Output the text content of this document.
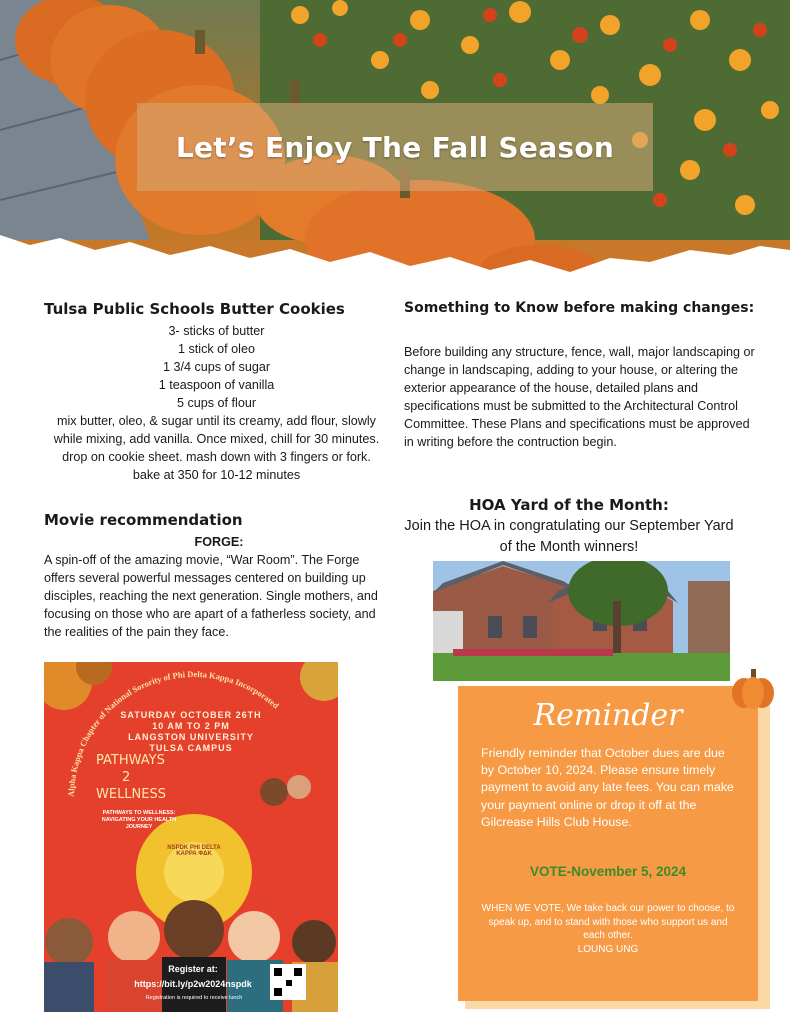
Let’s Enjoy The Fall Season
Tulsa Public Schools Butter Cookies
3- sticks of butter
1 stick of oleo
1 3/4 cups of sugar
1 teaspoon of vanilla
5 cups of flour
mix butter, oleo, & sugar until its creamy, add flour, slowly while mixing, add vanilla. Once mixed, chill for 30 minutes. drop on cookie sheet. mash down with 3 fingers or fork.
bake at 350 for 10-12 minutes
Movie recommendation
FORGE:
A spin-off of the amazing movie, “War Room”. The Forge offers several powerful messages centered on building up disciples, reaching the next generation. Single mothers, and focusing on those who are apart of a fatherless society, and the realities of the pain they face.
Something to Know before making changes:
Before building any structure, fence, wall, major landscaping or change in landscaping, adding to your house, or altering the exterior appearance of the house, detailed plans and specifications must be submitted to the Architectural Control Committee. These Plans and specifications must be approved in writing before the contruction begin.
HOA Yard of the Month:
Join the HOA in congratulating our September Yard of the Month winners!
Alpha Kappa Chapter of National Sorority of Phi Delta Kappa Incorporated
SATURDAY OCTOBER 26TH
10 AM TO 2 PM
LANGSTON UNIVERSITY
TULSA CAMPUS
PATHWAYS
2
WELLNESS
PATHWAYS TO WELLNESS: NAVIGATING YOUR HEALTH JOURNEY
NSPDK PHI DELTA KAPPA ΦΔΚ
Register at:
https://bit.ly/p2w2024nspdk
Registration is required to receive lunch
Reminder
Friendly reminder that October dues are due by October 10, 2024. Please ensure timely payment to avoid any late fees. You can make your payment online or drop it off at the Gilcrease Hills Club House.
VOTE-November 5, 2024
WHEN WE VOTE, We take back our power to choose, to speak up, and to stand with those who support us and each other.
LOUNG UNG
